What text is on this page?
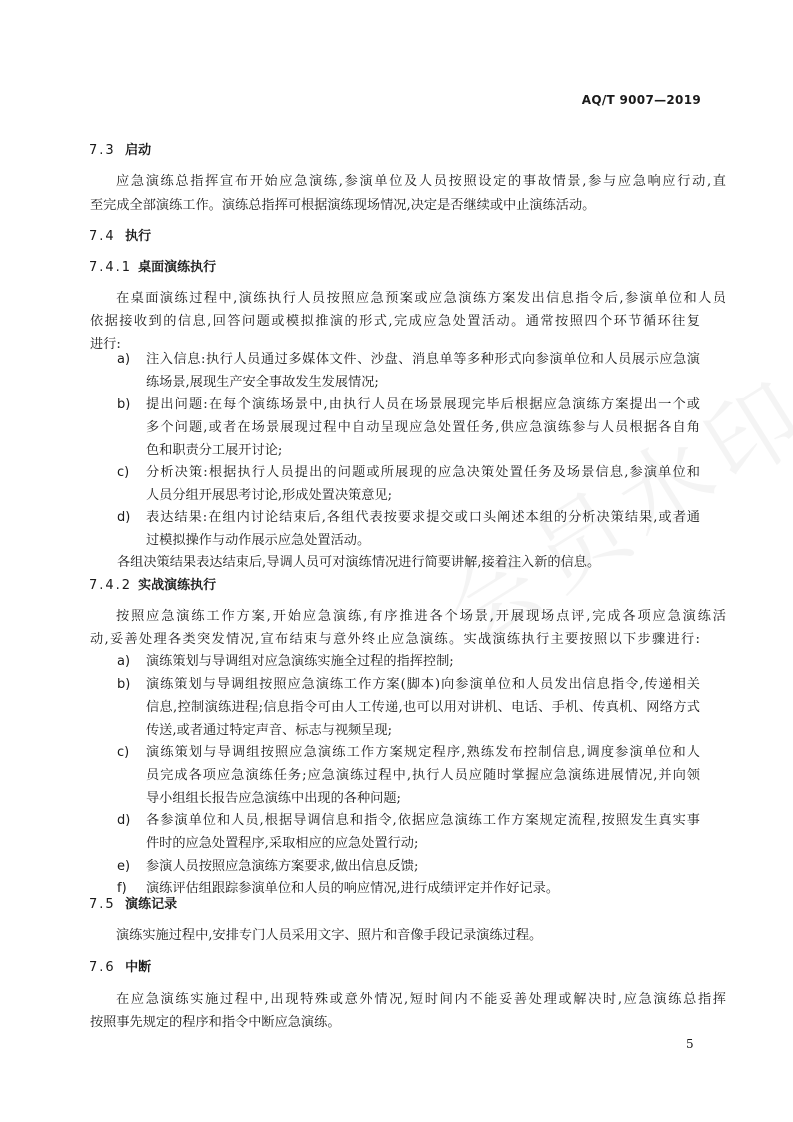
AQ/T 9007—2019
7.3 启动
应急演练总指挥宣布开始应急演练,参演单位及人员按照设定的事故情景,参与应急响应行动,直
至完成全部演练工作。演练总指挥可根据演练现场情况,决定是否继续或中止演练活动。
7.4 执行
7.4.1 桌面演练执行
在桌面演练过程中,演练执行人员按照应急预案或应急演练方案发出信息指令后,参演单位和人员
依据接收到的信息,回答问题或模拟推演的形式,完成应急处置活动。通常按照四个环节循环往复
进行:
a) 注入信息:执行人员通过多媒体文件、沙盘、消息单等多种形式向参演单位和人员展示应急演
练场景,展现生产安全事故发生发展情况;
b) 提出问题:在每个演练场景中,由执行人员在场景展现完毕后根据应急演练方案提出一个或
多个问题,或者在场景展现过程中自动呈现应急处置任务,供应急演练参与人员根据各自角
色和职责分工展开讨论;
c) 分析决策:根据执行人员提出的问题或所展现的应急决策处置任务及场景信息,参演单位和
人员分组开展思考讨论,形成处置决策意见;
d) 表达结果:在组内讨论结束后,各组代表按要求提交或口头阐述本组的分析决策结果,或者通
过模拟操作与动作展示应急处置活动。
各组决策结果表达结束后,导调人员可对演练情况进行简要讲解,接着注入新的信息。
7.4.2 实战演练执行
按照应急演练工作方案,开始应急演练,有序推进各个场景,开展现场点评,完成各项应急演练活
动,妥善处理各类突发情况,宣布结束与意外终止应急演练。实战演练执行主要按照以下步骤进行:
a) 演练策划与导调组对应急演练实施全过程的指挥控制;
b) 演练策划与导调组按照应急演练工作方案(脚本)向参演单位和人员发出信息指令,传递相关
信息,控制演练进程;信息指令可由人工传递,也可以用对讲机、电话、手机、传真机、网络方式
传送,或者通过特定声音、标志与视频呈现;
c) 演练策划与导调组按照应急演练工作方案规定程序,熟练发布控制信息,调度参演单位和人
员完成各项应急演练任务;应急演练过程中,执行人员应随时掌握应急演练进展情况,并向领
导小组组长报告应急演练中出现的各种问题;
d) 各参演单位和人员,根据导调信息和指令,依据应急演练工作方案规定流程,按照发生真实事
件时的应急处置程序,采取相应的应急处置行动;
e) 参演人员按照应急演练方案要求,做出信息反馈;
f) 演练评估组跟踪参演单位和人员的响应情况,进行成绩评定并作好记录。
7.5 演练记录
演练实施过程中,安排专门人员采用文字、照片和音像手段记录演练过程。
7.6 中断
在应急演练实施过程中,出现特殊或意外情况,短时间内不能妥善处理或解决时,应急演练总指挥
按照事先规定的程序和指令中断应急演练。
5
